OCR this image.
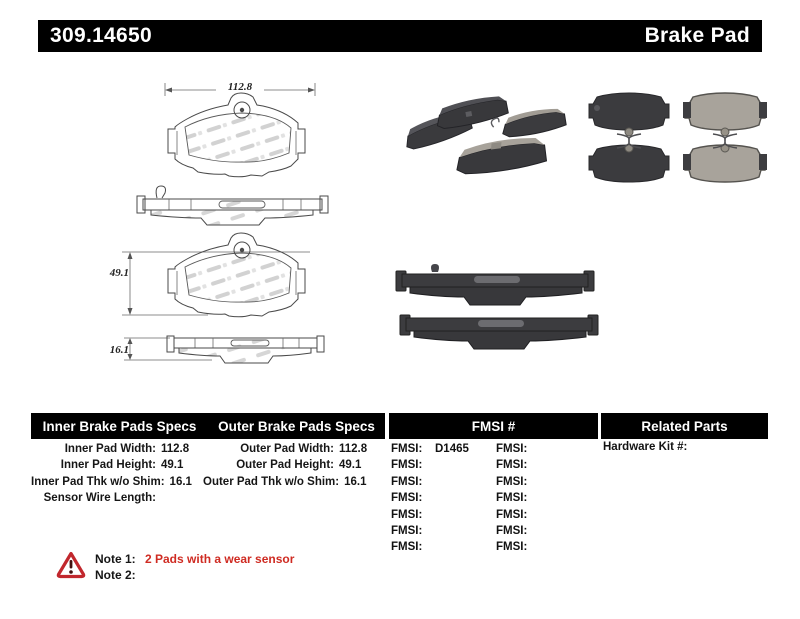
309.14650	Brake Pad
112.8
49.1
16.1
Inner Brake Pads Specs	Outer Brake Pads Specs	FMSI #	Related Parts
Inner Pad Width: 112.8
Inner Pad Height: 49.1
Inner Pad Thk w/o Shim: 16.1
Sensor Wire Length:
Outer Pad Width: 112.8
Outer Pad Height: 49.1
Outer Pad Thk w/o Shim: 16.1
FMSI:	D1465
FMSI:
FMSI:
FMSI:
FMSI:
FMSI:
FMSI:
FMSI:
FMSI:
FMSI:
FMSI:
FMSI:
FMSI:
FMSI:
Hardware Kit #:
Note 1: 2 Pads with a wear sensor
Note 2:
